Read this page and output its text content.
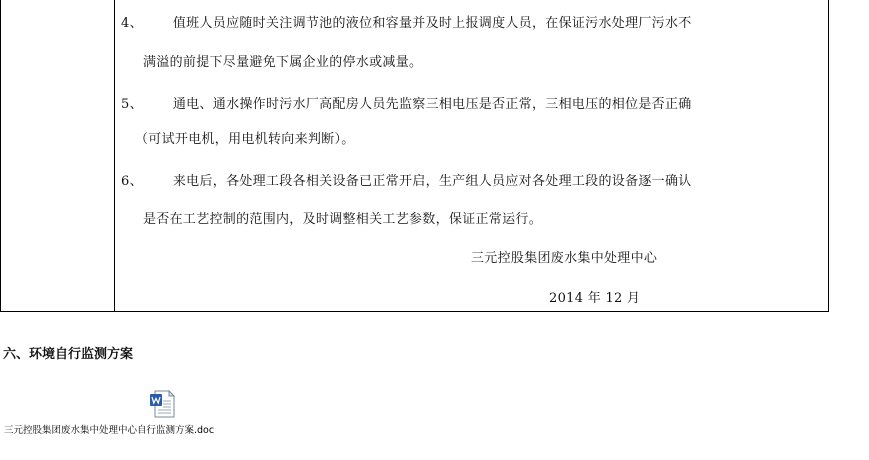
4、 值班人员应随时关注调节池的液位和容量并及时上报调度人员，在保证污水处理厂污水不
满溢的前提下尽量避免下属企业的停水或减量。
5、 通电、通水操作时污水厂高配房人员先监察三相电压是否正常，三相电压的相位是否正确
（可试开电机，用电机转向来判断）。
6、 来电后，各处理工段各相关设备已正常开启，生产组人员应对各处理工段的设备逐一确认
是否在工艺控制的范围内，及时调整相关工艺参数，保证正常运行。
三元控股集团废水集中处理中心
2014 年 12 月
六、环境自行监测方案
三元控股集团废水集中处理中心自行监测方案.doc
